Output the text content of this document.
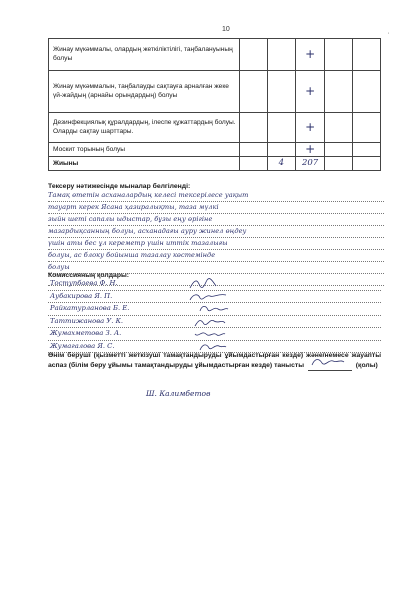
10
'
Жинау мүкəммалы, олардың жеткіліктілігі, таңбалануының болуы			+		
Жинау мүкəммалын, таңбалауды сақтауға арналған жеке үй-жайдың (арнайы орындардың) болуы			+		
Дезинфекциялық құралдардың, ілеспе құжаттардың болуы. Оларды сақтау шарттары.			+		
Москит торының болуы			+		
Жиыны		4	207		
Тексеру нəтижесінде мыналар белгіленді:
Тамақ өтетін асханалардың келесі тексерілесе уақыт
тауарт керек Ясана ҳазиралықты, таза мүлкі
зыйн шеті сапалы ыдыстар, бұзы еңу өрігіне
мазардықсанның болуы, асханадағы ауру жинел өңдеу
үшін аты бес ұл кереметр үшін иттік тазалығы
болуы, ас блоку бойынша тазалау көстемінде
болуы
Комиссияның қолдары:
Тоступбаева Ф. Н.
Аубакирова Я. П.
Райкатурланова Б. Е.
Таттижанова У. К.
Жумахметова З. А.
Жумагалова Я. С.
Өнім беруші (қызметті жеткізуші тамақтандыруды ұйымдастырған кезде) жəне/немесе жауапты аспаз (білім беру ұйымы тамақтандыруды ұйымдастырған кезде) танысты	(қолы)
Ш. Калимбетов
